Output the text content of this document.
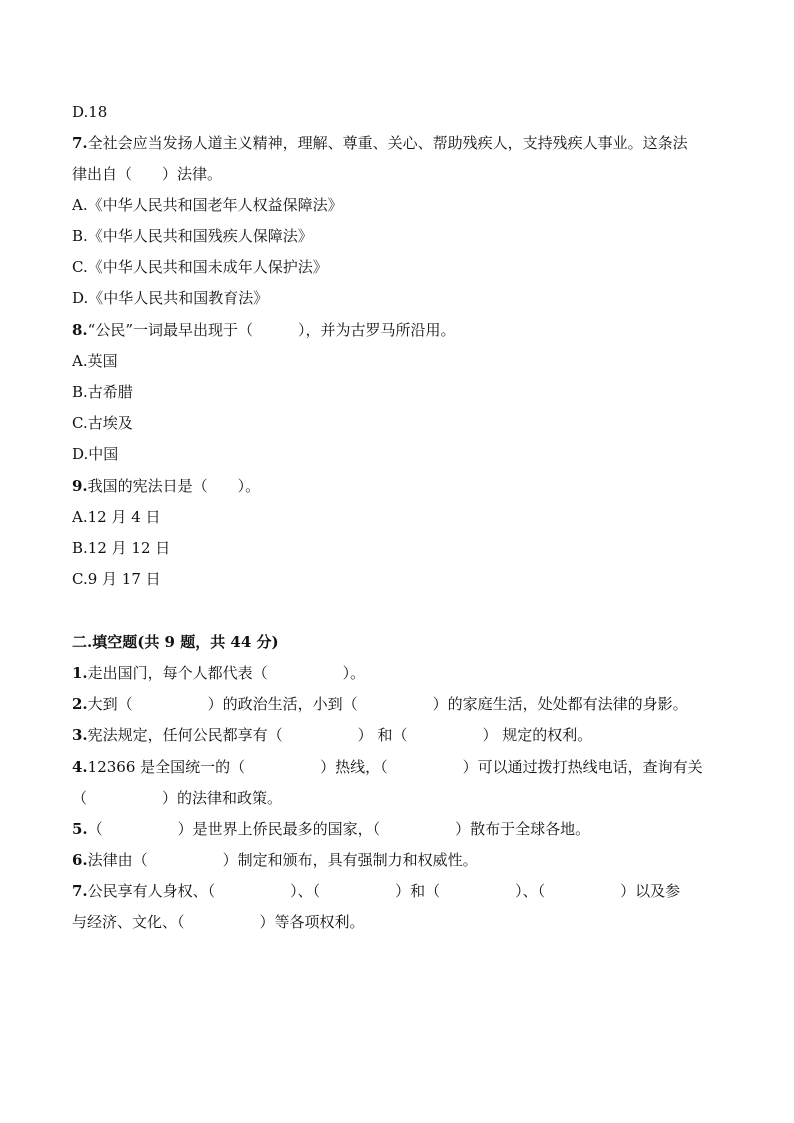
D.18
7.全社会应当发扬人道主义精神，理解、尊重、关心、帮助残疾人，支持残疾人事业。这条法
律出自（　　）法律。
A.《中华人民共和国老年人权益保障法》
B.《中华人民共和国残疾人保障法》
C.《中华人民共和国未成年人保护法》
D.《中华人民共和国教育法》
8.“公民”一词最早出现于（　　　），并为古罗马所沿用。
A.英国
B.古希腊
C.古埃及
D.中国
9.我国的宪法日是（　　）。
A.12 月 4 日
B.12 月 12 日
C.9 月 17 日
二.填空题(共 9 题，共 44 分)
1.走出国门，每个人都代表（　　　　　）。
2.大到（　　　　　）的政治生活，小到（　　　　　）的家庭生活，处处都有法律的身影。
3.宪法规定，任何公民都享有（　　　　　） 和（　　　　　） 规定的权利。
4.12366 是全国统一的（　　　　　）热线，（　　　　　）可以通过拨打热线电话，查询有关
（　　　　　）的法律和政策。
5.（　　　　　）是世界上侨民最多的国家，（　　　　　）散布于全球各地。
6.法律由（　　　　　）制定和颁布，具有强制力和权威性。
7.公民享有人身权、（　　　　　）、（　　　　　）和（　　　　　）、（　　　　　）以及参
与经济、文化、（　　　　　）等各项权利。
